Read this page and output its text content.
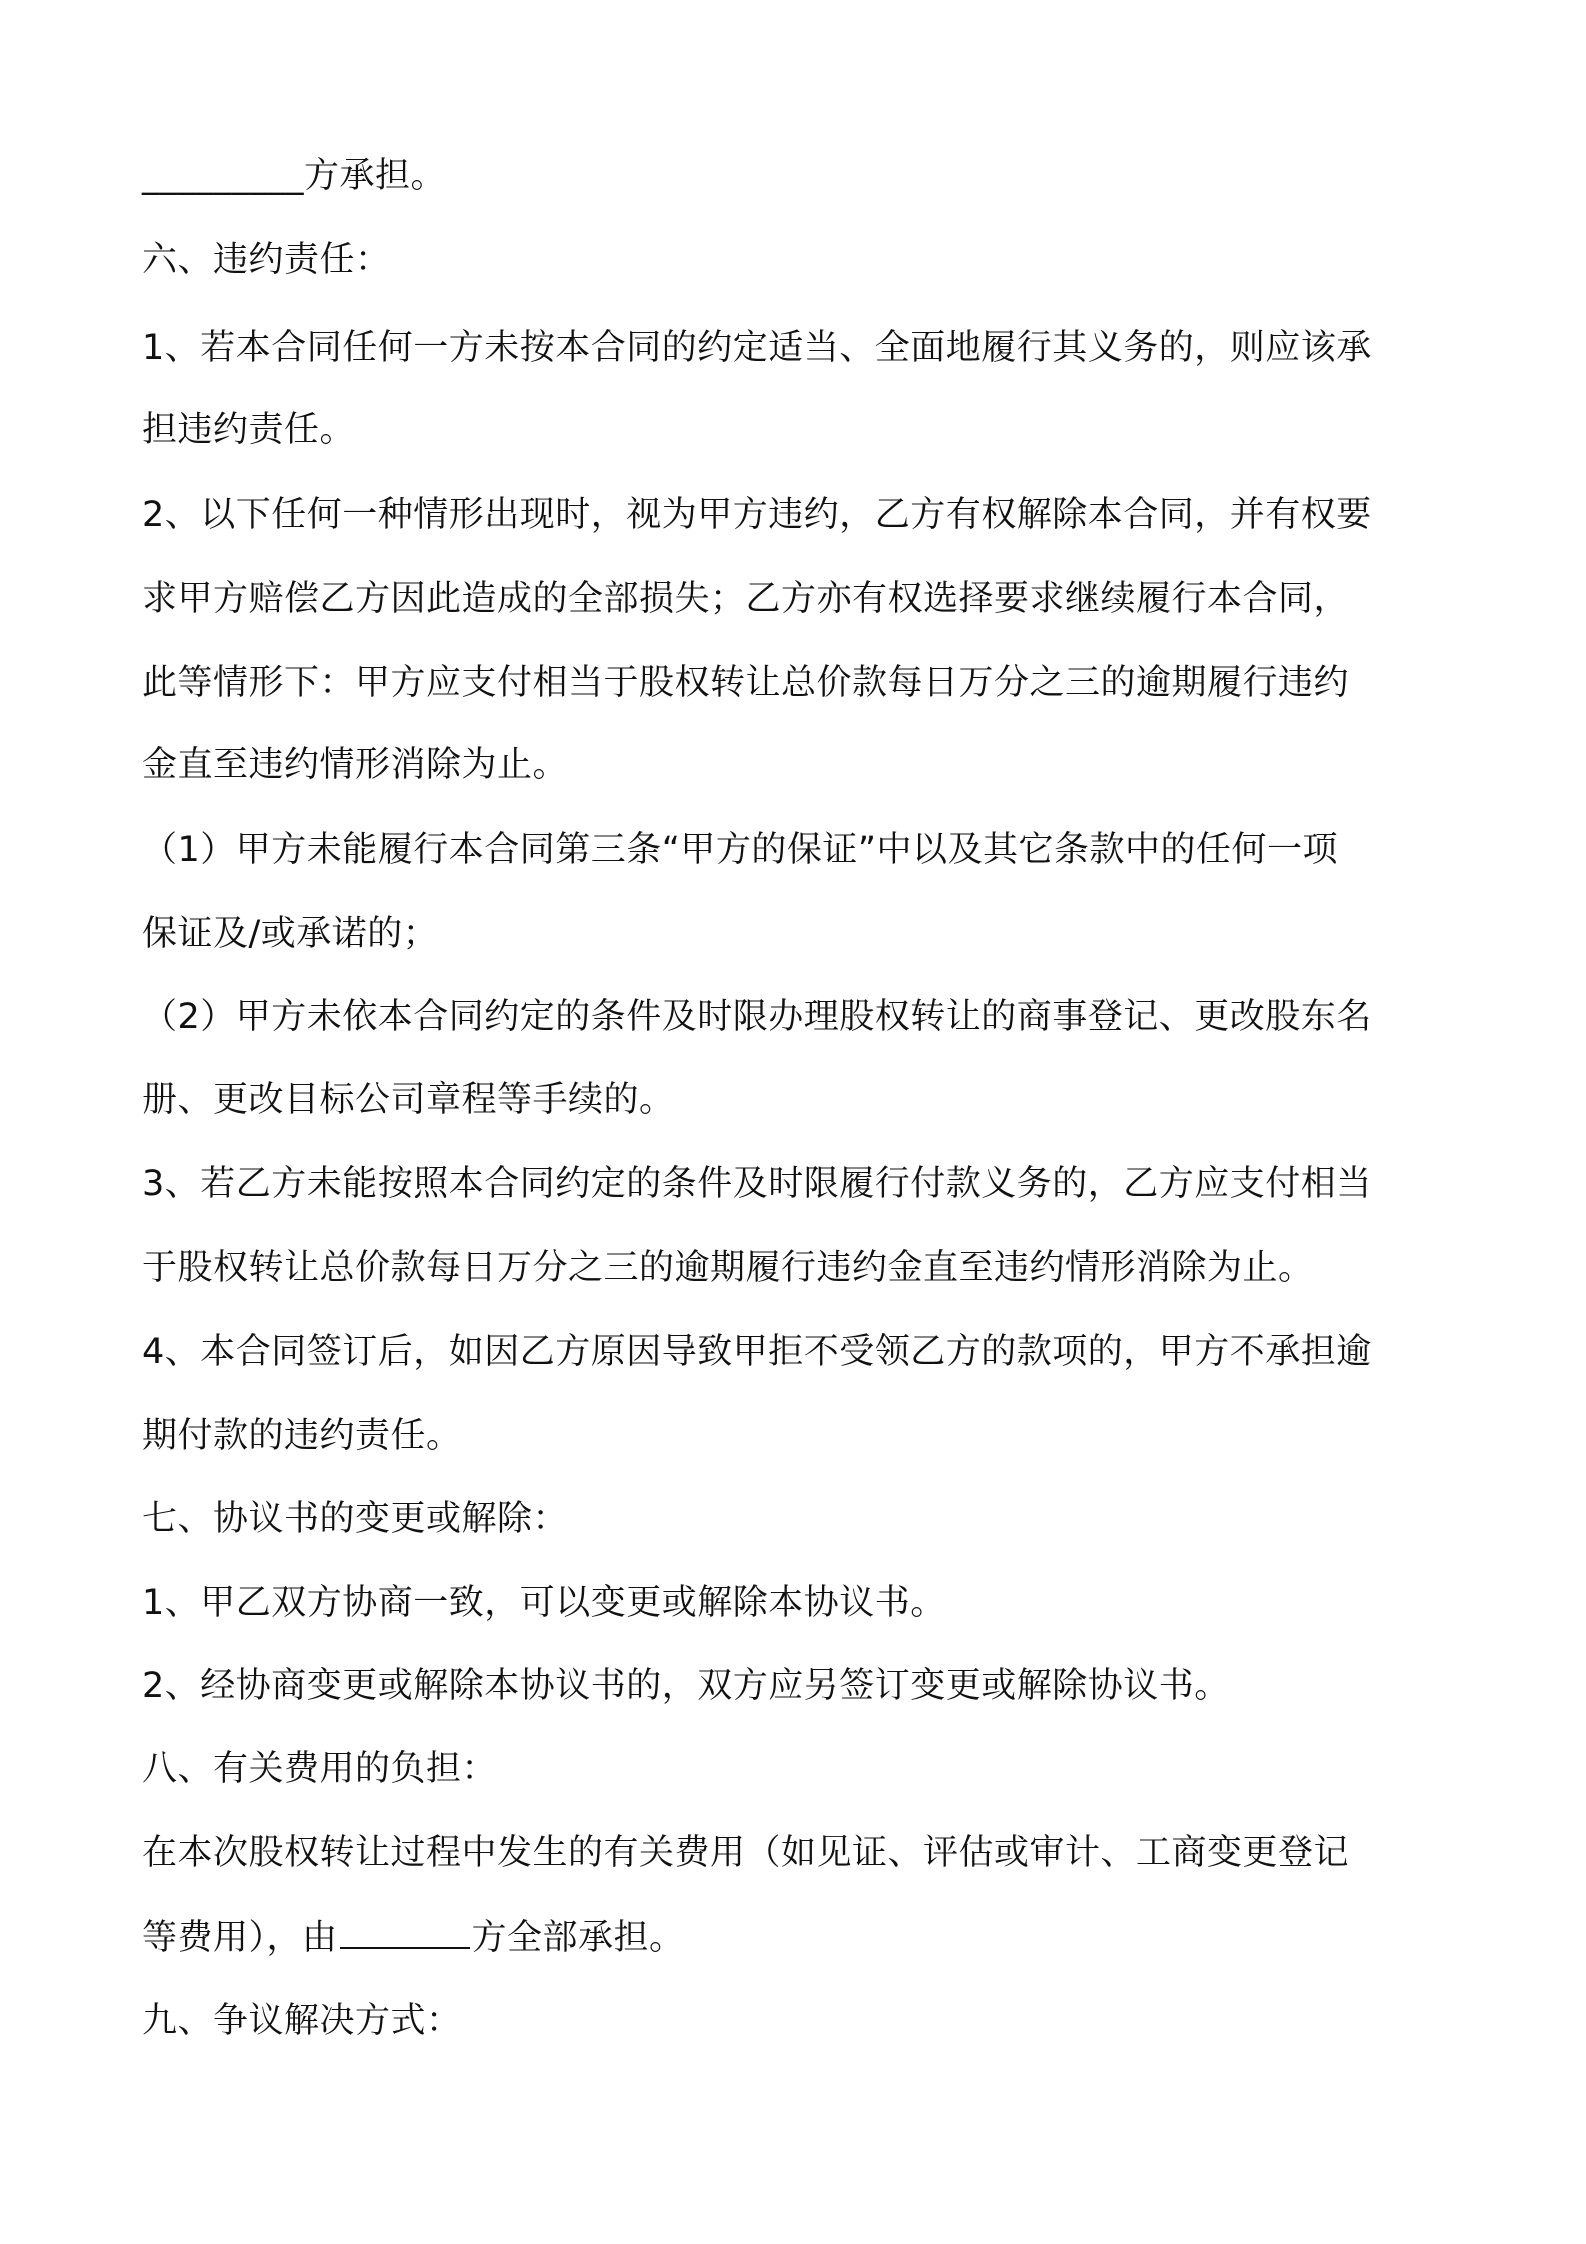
_________方承担。
六、违约责任：
1、若本合同任何一方未按本合同的约定适当、全面地履行其义务的，则应该承
担违约责任。
2、以下任何一种情形出现时，视为甲方违约，乙方有权解除本合同，并有权要
求甲方赔偿乙方因此造成的全部损失；乙方亦有权选择要求继续履行本合同，
此等情形下：甲方应支付相当于股权转让总价款每日万分之三的逾期履行违约
金直至违约情形消除为止。
（1）甲方未能履行本合同第三条“甲方的保证”中以及其它条款中的任何一项
保证及/或承诺的；
（2）甲方未依本合同约定的条件及时限办理股权转让的商事登记、更改股东名
册、更改目标公司章程等手续的。
3、若乙方未能按照本合同约定的条件及时限履行付款义务的，乙方应支付相当
于股权转让总价款每日万分之三的逾期履行违约金直至违约情形消除为止。
4、本合同签订后，如因乙方原因导致甲拒不受领乙方的款项的，甲方不承担逾
期付款的违约责任。
七、协议书的变更或解除：
1、甲乙双方协商一致，可以变更或解除本协议书。
2、经协商变更或解除本协议书的，双方应另签订变更或解除协议书。
八、有关费用的负担：
在本次股权转让过程中发生的有关费用（如见证、评估或审计、工商变更登记
等费用），由	方全部承担。
九、争议解决方式：
